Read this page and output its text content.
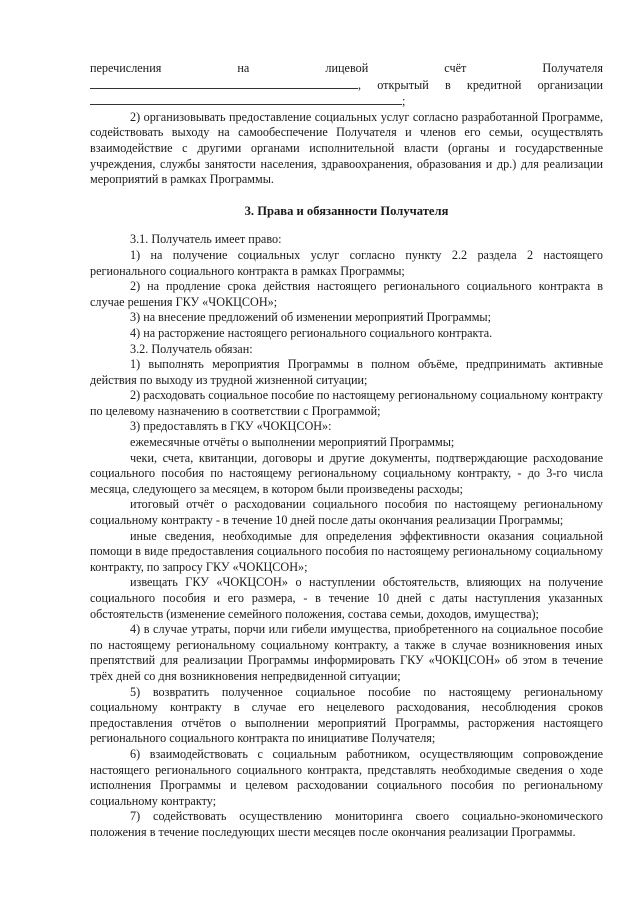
перечисления	на	лицевой	счёт	Получателя
, открытый в кредитной организации
;

2) организовывать предоставление социальных услуг согласно разработанной Программе, содействовать выходу на самообеспечение Получателя и членов его семьи, осуществлять взаимодействие с другими органами исполнительной власти (органы и государственные учреждения, службы занятости населения, здравоохранения, образования и др.) для реализации мероприятий в рамках Программы.

3. Права и обязанности Получателя

3.1. Получатель имеет право:

1) на получение социальных услуг согласно пункту 2.2 раздела 2 настоящего регионального социального контракта в рамках Программы;

2) на продление срока действия настоящего регионального социального контракта в случае решения ГКУ «ЧОКЦСОН»;

3) на внесение предложений об изменении мероприятий Программы;

4) на расторжение настоящего регионального социального контракта.

3.2. Получатель обязан:

1) выполнять мероприятия Программы в полном объёме, предпринимать активные действия по выходу из трудной жизненной ситуации;

2) расходовать социальное пособие по настоящему региональному социальному контракту по целевому назначению в соответствии с Программой;

3) предоставлять в ГКУ «ЧОКЦСОН»:

ежемесячные отчёты о выполнении мероприятий Программы;

чеки, счета, квитанции, договоры и другие документы, подтверждающие расходование социального пособия по настоящему региональному социальному контракту, - до 3-го числа месяца, следующего за месяцем, в котором были произведены расходы;

итоговый отчёт о расходовании социального пособия по настоящему региональному социальному контракту - в течение 10 дней после даты окончания реализации Программы;

иные сведения, необходимые для определения эффективности оказания социальной помощи в виде предоставления социального пособия по настоящему региональному социальному контракту, по запросу ГКУ «ЧОКЦСОН»;

извещать ГКУ «ЧОКЦСОН» о наступлении обстоятельств, влияющих на получение социального пособия и его размера, - в течение 10 дней с даты наступления указанных обстоятельств (изменение семейного положения, состава семьи, доходов, имущества);

4) в случае утраты, порчи или гибели имущества, приобретенного на социальное пособие по настоящему региональному социальному контракту, а также в случае возникновения иных препятствий для реализации Программы информировать ГКУ «ЧОКЦСОН» об этом в течение трёх дней со дня возникновения непредвиденной ситуации;

5) возвратить полученное социальное пособие по настоящему региональному социальному контракту в случае его нецелевого расходования, несоблюдения сроков предоставления отчётов о выполнении мероприятий Программы, расторжения настоящего регионального социального контракта по инициативе Получателя;

6) взаимодействовать с социальным работником, осуществляющим сопровождение настоящего регионального социального контракта, представлять необходимые сведения о ходе исполнения Программы и целевом расходовании социального пособия по региональному социальному контракту;

7) содействовать осуществлению мониторинга своего социально-экономического положения в течение последующих шести месяцев после окончания реализации Программы.
